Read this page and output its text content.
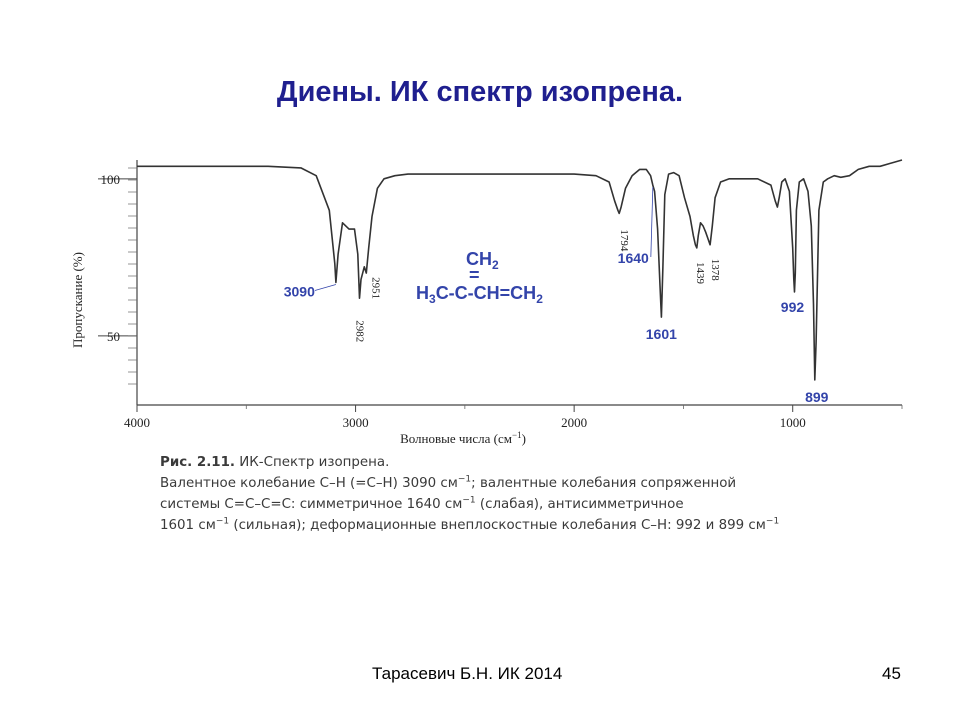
Диены. ИК спектр изопрена.
100
50
4000	3000	2000	1000
3090
2982
2951
1794
1640
1601
1439 1378
992
899
Пропускание (%)
Волновые числа $(см^{-1})$
$CH_2$
=
$H_3C-C-CH=CH_2$
Рис. 2.11. ИК-Спектр изопрена.
Валентное колебание С–Н (=С–Н) 3090 $см^{-1}$; валентные колебания сопряженной
системы С=С–С=С: симметричное 1640 $см^{-1}$ (слабая), антисимметричное
1601 $см^{-1}$ (сильная); деформационные внеплоскостные колебания С–Н: 992 и 899 $см^{-1}$
Тарасевич Б.Н. ИК 2014	45
